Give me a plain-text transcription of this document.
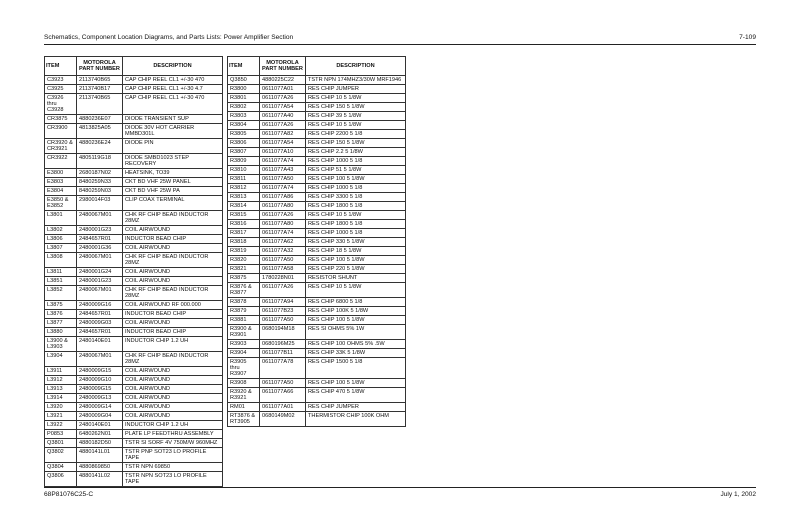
Schematics, Component Location Diagrams, and Parts Lists: Power Amplifier Section	7-109
ITEM	MOTOROLA PART NUMBER	DESCRIPTION
C3923	2113740B65	CAP CHIP REEL CL1 +/-30 470
C3925	2113740B17	CAP CHIP REEL CL1 +/-30 4.7
C3926 thru C3928	2113740B65	CAP CHIP REEL CL1 +/-30 470
CR3875	4880236E07	DIODE TRANSIENT SUP
CR3900	4813825A05	DIODE 30V HOT CARRIER MMBD301L
CR3920 & CR3921	4880236E24	DIODE PIN
CR3922	4805119G18	DIODE SMBD1023 STEP RECOVERY
E3800	2680187N02	HEATSINK, TO39
E3803	8480259N33	CKT BD VHF 25W PANEL
E3804	8480259N03	CKT BD VHF 25W PA
E3850 & E3852	2980014F03	CLIP COAX TERMINAL
L3801	2480067M01	CHK RF CHIP BEAD INDUCTOR 28MZ
L3802	2480001G23	COIL AIRWOUND
L3806	2484657R01	INDUCTOR BEAD CHIP
L3807	2480001G36	COIL AIRWOUND
L3808	2480067M01	CHK RF CHIP BEAD INDUCTOR 28MZ
L3811	2480001G24	COIL AIRWOUND
L3851	2480001G23	COIL AIRWOUND
L3852	2480067M01	CHK RF CHIP BEAD INDUCTOR 28MZ
L3875	2480009G16	COIL AIRWOUND RF 000.000
L3876	2484657R01	INDUCTOR BEAD CHIP
L3877	2480009G03	COIL AIRWOUND
L3880	2484657R01	INDUCTOR BEAD CHIP
L3900 & L3903	2480140E01	INDUCTOR CHIP 1.2 UH
L3904	2480067M01	CHK RF CHIP BEAD INDUCTOR 28MZ
L3911	2480009G15	COIL AIRWOUND
L3912	2480009G10	COIL AIRWOUND
L3913	2480009G15	COIL AIRWOUND
L3914	2480009G13	COIL AIRWOUND
L3920	2480009G14	COIL AIRWOUND
L3921	2480009G04	COIL AIRWOUND
L3922	2480140E01	INDUCTOR CHIP 1.2 UH
P0853	6480262N01	PLATE LP FEEDTHRU ASSEMBLY
Q3801	4880182D50	TSTR SI SORF 4V 750M/W 960MHZ
Q3802	4880141L01	TSTR PNP SOT23 LO PROFILE TAPE
Q3804	4880869850	TSTR NPN 69850
Q3806	4880141L02	TSTR NPN SOT23 LO PROFILE TAPE
ITEM	MOTOROLA PART NUMBER	DESCRIPTION
Q3850	4880225C22	TSTR NPN 174MHZ3/30W MRF1946
R3800	0611077A01	RES CHIP JUMPER
R3801	0611077A26	RES CHIP 10 5 1/8W
R3802	0611077A54	RES CHIP 150 5 1/8W
R3803	0611077A40	RES CHIP 39 5 1/8W
R3804	0611077A26	RES CHIP 10 5 1/8W
R3805	0611077A82	RES CHIP 2200 5 1/8
R3806	0611077A54	RES CHIP 150 5 1/8W
R3807	0611077A10	RES CHIP 2.2 5 1/8W
R3809	0611077A74	RES CHIP 1000 5 1/8
R3810	0611077A43	RES CHIP 51 5 1/8W
R3811	0611077A50	RES CHIP 100 5 1/8W
R3812	0611077A74	RES CHIP 1000 5 1/8
R3813	0611077A86	RES CHIP 3300 5 1/8
R3814	0611077A80	RES CHIP 1800 5 1/8
R3815	0611077A26	RES CHIP 10 5 1/8W
R3816	0611077A80	RES CHIP 1800 5 1/8
R3817	0611077A74	RES CHIP 1000 5 1/8
R3818	0611077A62	RES CHIP 330 5 1/8W
R3819	0611077A32	RES CHIP 18 5 1/8W
R3820	0611077A50	RES CHIP 100 5 1/8W
R3821	0611077A58	RES CHIP 220 5 1/8W
R3875	1780228N01	RESISTOR SHUNT
R3876 & R3877	0611077A26	RES CHIP 10 5 1/8W
R3878	0611077A94	RES CHIP 6800 5 1/8
R3879	0611077B23	RES CHIP 100K 5 1/8W
R3881	0611077A50	RES CHIP 100 5 1/8W
R3900 & R3901	0680194M18	RES SI OHMS 5% 1W
R3903	0680196M25	RES CHIP 100 OHMS 5% .5W
R3904	0611077B11	RES CHIP 33K 5 1/8W
R3905 thru R3907	0611077A78	RES CHIP 1500 5 1/8
R3908	0611077A50	RES CHIP 100 5 1/8W
R3920 & R3921	0611077A66	RES CHIP 470 5 1/8W
RM01	0611077A01	RES CHIP JUMPER
RT3876 & RT3905	0680149M02	THERMISTOR CHIP 100K OHM
68P81076C25-C	July 1, 2002
